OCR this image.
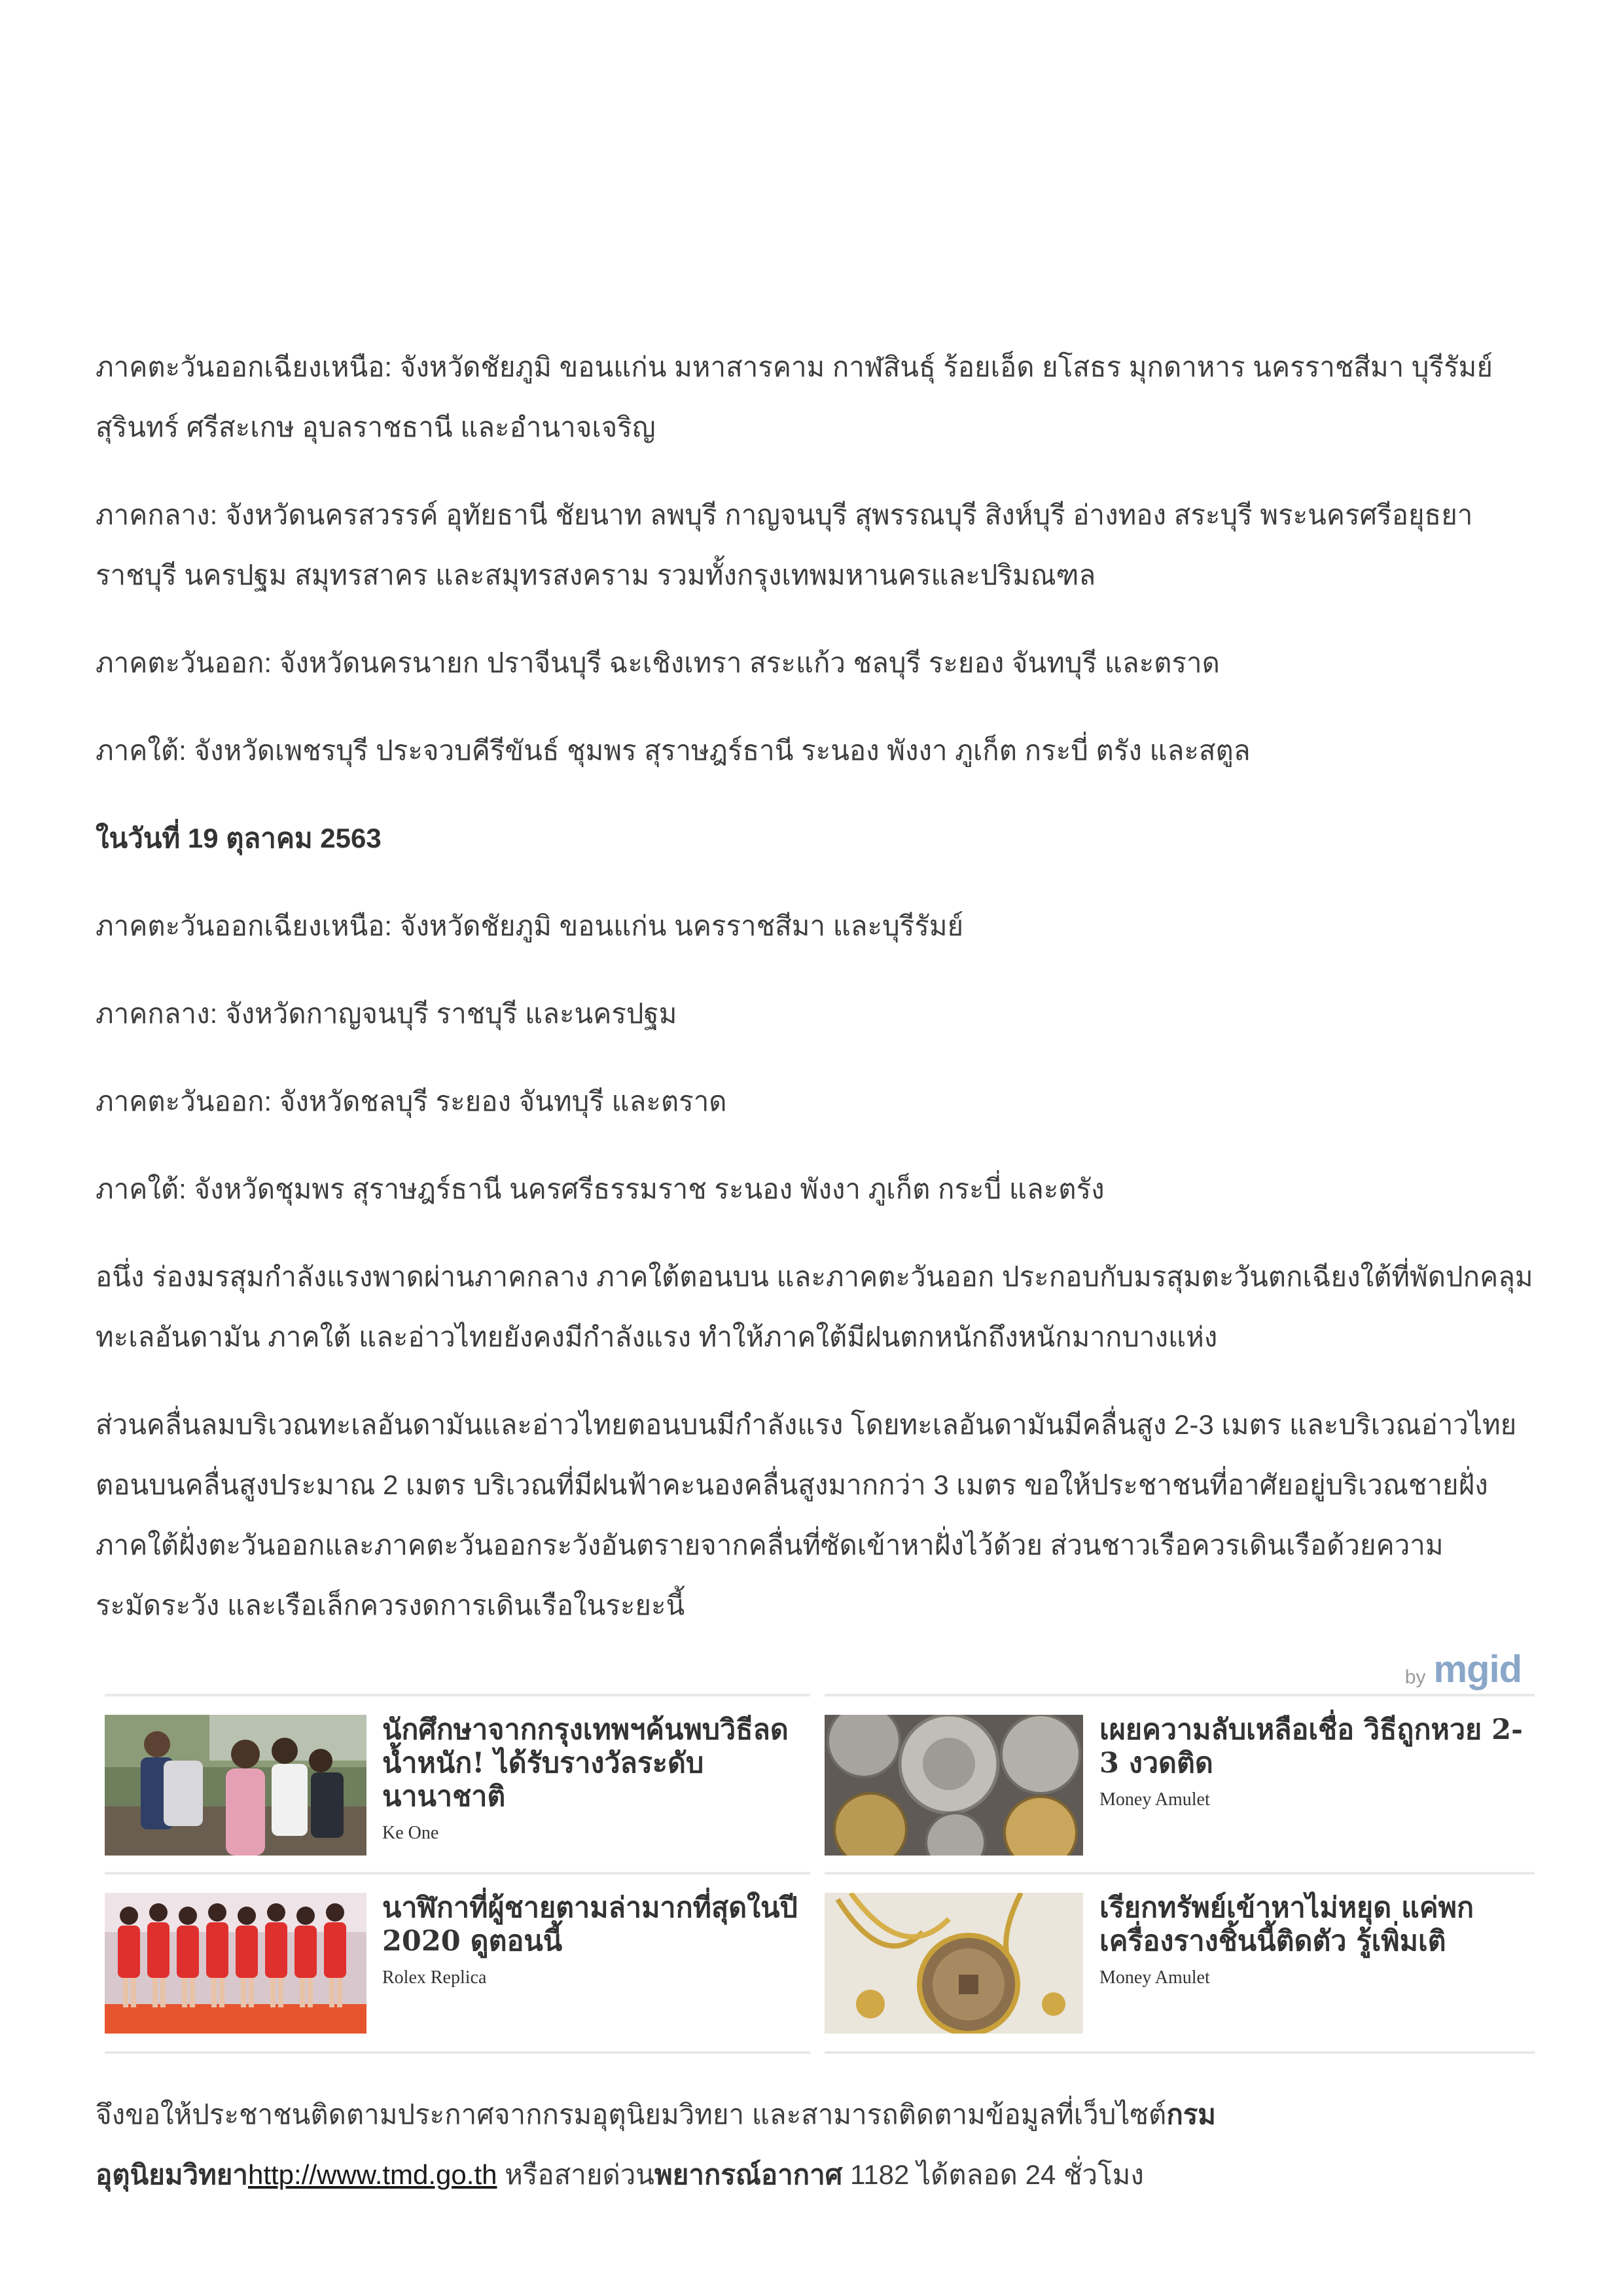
ภาคตะวันออกเฉียงเหนือ: จังหวัดชัยภูมิ ขอนแก่น มหาสารคาม กาฬสินธุ์ ร้อยเอ็ด ยโสธร มุกดาหาร นครราชสีมา บุรีรัมย์ สุรินทร์ ศรีสะเกษ อุบลราชธานี และอำนาจเจริญ

ภาคกลาง: จังหวัดนครสวรรค์ อุทัยธานี ชัยนาท ลพบุรี กาญจนบุรี สุพรรณบุรี สิงห์บุรี อ่างทอง สระบุรี พระนครศรีอยุธยา ราชบุรี นครปฐม สมุทรสาคร และสมุทรสงคราม รวมทั้งกรุงเทพมหานครและปริมณฑล

ภาคตะวันออก: จังหวัดนครนายก ปราจีนบุรี ฉะเชิงเทรา สระแก้ว ชลบุรี ระยอง จันทบุรี และตราด

ภาคใต้: จังหวัดเพชรบุรี ประจวบคีรีขันธ์ ชุมพร สุราษฎร์ธานี ระนอง พังงา ภูเก็ต กระบี่ ตรัง และสตูล

ในวันที่ 19 ตุลาคม 2563

ภาคตะวันออกเฉียงเหนือ: จังหวัดชัยภูมิ ขอนแก่น นครราชสีมา และบุรีรัมย์

ภาคกลาง: จังหวัดกาญจนบุรี ราชบุรี และนครปฐม

ภาคตะวันออก: จังหวัดชลบุรี ระยอง จันทบุรี และตราด

ภาคใต้: จังหวัดชุมพร สุราษฎร์ธานี นครศรีธรรมราช ระนอง พังงา ภูเก็ต กระบี่ และตรัง

อนึ่ง ร่องมรสุมกำลังแรงพาดผ่านภาคกลาง ภาคใต้ตอนบน และภาคตะวันออก ประกอบกับมรสุมตะวันตกเฉียงใต้ที่พัดปกคลุมทะเลอันดามัน ภาคใต้ และอ่าวไทยยังคงมีกำลังแรง ทำให้ภาคใต้มีฝนตกหนักถึงหนักมากบางแห่ง

ส่วนคลื่นลมบริเวณทะเลอันดามันและอ่าวไทยตอนบนมีกำลังแรง โดยทะเลอันดามันมีคลื่นสูง 2-3 เมตร และบริเวณอ่าวไทยตอนบนคลื่นสูงประมาณ 2 เมตร บริเวณที่มีฝนฟ้าคะนองคลื่นสูงมากกว่า 3 เมตร ขอให้ประชาชนที่อาศัยอยู่บริเวณชายฝั่งภาคใต้ฝั่งตะวันออกและภาคตะวันออกระวังอันตรายจากคลื่นที่ซัดเข้าหาฝั่งไว้ด้วย ส่วนชาวเรือควรเดินเรือด้วยความระมัดระวัง และเรือเล็กควรงดการเดินเรือในระยะนี้

by mgid
นักศึกษาจากกรุงเทพฯค้นพบวิธีลดน้ำหนัก! ได้รับรางวัลระดับนานาชาติ
Ke One
เผยความลับเหลือเชื่อ วิธีถูกหวย 2-3 งวดติด
Money Amulet
นาฬิกาที่ผู้ชายตามล่ามากที่สุดในปี 2020 ดูตอนนี้
Rolex Replica
เรียกทรัพย์เข้าหาไม่หยุด แค่พกเครื่องรางชิ้นนี้ติดตัว รู้เพิ่มเติ
Money Amulet
จึงขอให้ประชาชนติดตามประกาศจากกรมอุตุนิยมวิทยา และสามารถติดตามข้อมูลที่เว็บไซต์กรมอุตุนิยมวิทยาhttp://www.tmd.go.th หรือสายด่วนพยากรณ์อากาศ 1182 ได้ตลอด 24 ชั่วโมง
